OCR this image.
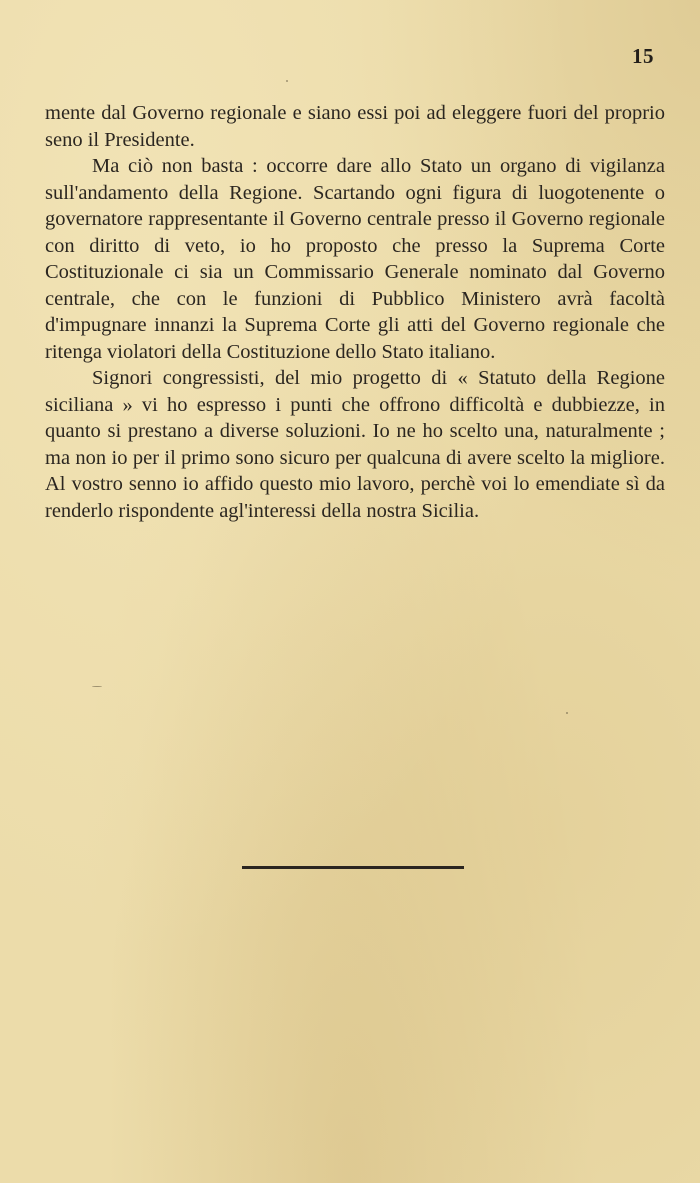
15

mente dal Governo regionale e siano essi poi ad eleggere fuori del proprio seno il Presidente.

Ma ciò non basta : occorre dare allo Stato un organo di vigilanza sull'andamento della Regione. Scartando ogni figura di luogotenente o governatore rappresentante il Governo centrale presso il Governo regionale con diritto di veto, io ho proposto che presso la Suprema Corte Costituzionale ci sia un Commissario Generale nominato dal Governo centrale, che con le funzioni di Pubblico Ministero avrà facoltà d'impugnare innanzi la Suprema Corte gli atti del Governo regionale che ritenga violatori della Costituzione dello Stato italiano.

Signori congressisti, del mio progetto di « Statuto della Regione siciliana » vi ho espresso i punti che offrono difficoltà e dubbiezze, in quanto si prestano a diverse soluzioni. Io ne ho scelto una, naturalmente ; ma non io per il primo sono sicuro per qualcuna di avere scelto la migliore. Al vostro senno io affido questo mio lavoro, perchè voi lo emendiate sì da renderlo rispondente agl'interessi della nostra Sicilia.
